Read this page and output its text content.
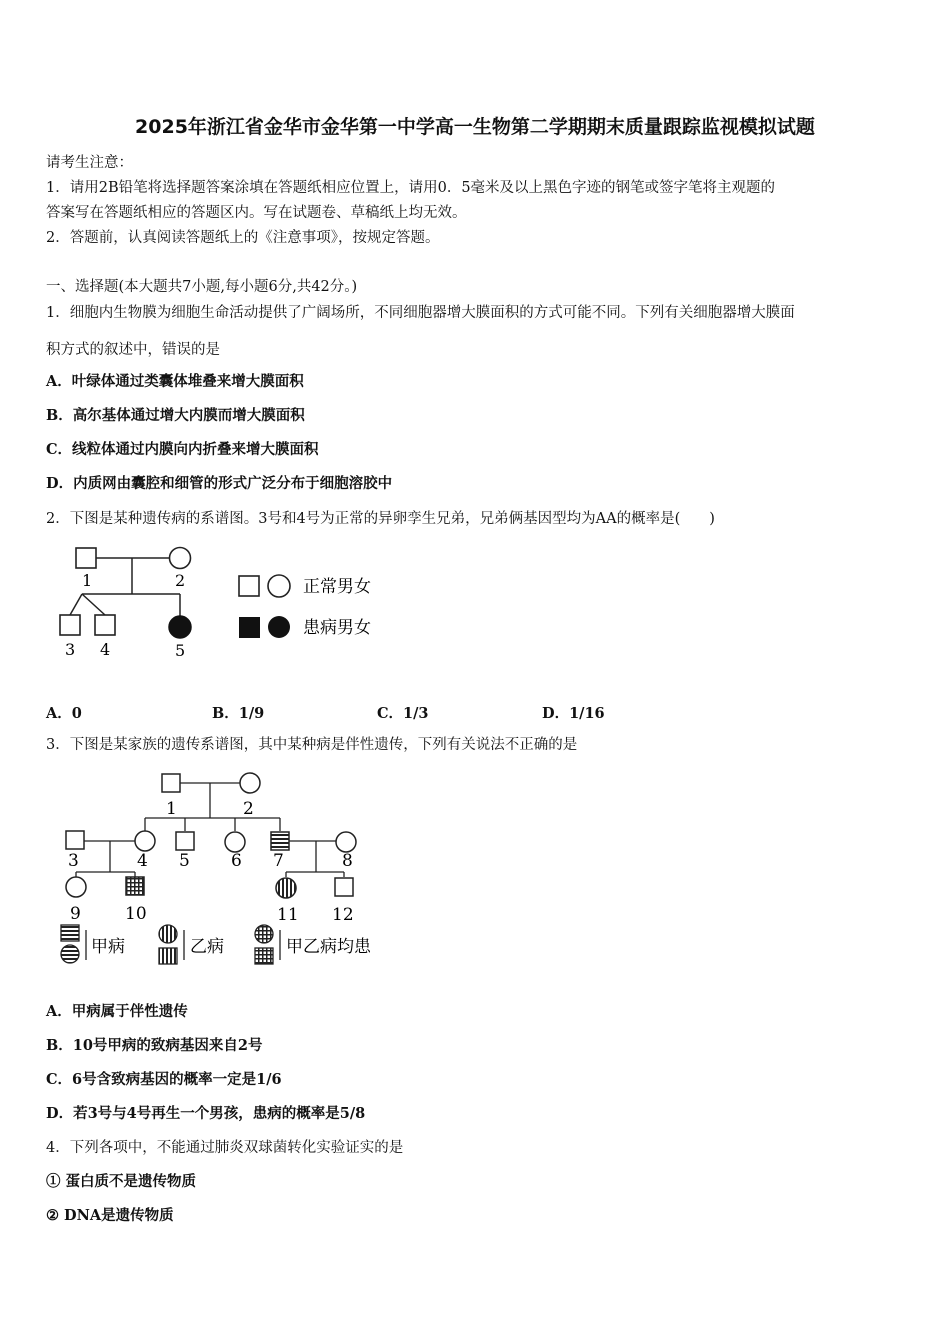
2025年浙江省金华市金华第一中学高一生物第二学期期末质量跟踪监视模拟试题
请考生注意：
1．请用2B铅笔将选择题答案涂填在答题纸相应位置上，请用0．5毫米及以上黑色字迹的钢笔或签字笔将主观题的
答案写在答题纸相应的答题区内。写在试题卷、草稿纸上均无效。
2．答题前，认真阅读答题纸上的《注意事项》，按规定答题。
一、选择题(本大题共7小题,每小题6分,共42分。)
1．细胞内生物膜为细胞生命活动提供了广阔场所，不同细胞器增大膜面积的方式可能不同。下列有关细胞器增大膜面
积方式的叙述中，错误的是
A．叶绿体通过类囊体堆叠来增大膜面积
B．高尔基体通过增大内膜而增大膜面积
C．线粒体通过内膜向内折叠来增大膜面积
D．内质网由囊腔和细管的形式广泛分布于细胞溶胶中
2．下图是某种遗传病的系谱图。3号和4号为正常的异卵孪生兄弟，兄弟俩基因型均为AA的概率是(　　)
1	2
3 4	5
正常男女
患病男女
A．0	B．1/9	C．1/3	D．1/16
3．下图是某家族的遗传系谱图，其中某种病是伴性遗传，下列有关说法不正确的是
1	2
3	4 5 6 7	8
9	10	11 12
甲病	乙病	甲乙病均患
A．甲病属于伴性遗传
B．10号甲病的致病基因来自2号
C．6号含致病基因的概率一定是1/6
D．若3号与4号再生一个男孩，患病的概率是5/8
4．下列各项中，不能通过肺炎双球菌转化实验证实的是
① 蛋白质不是遗传物质
② DNA是遗传物质
